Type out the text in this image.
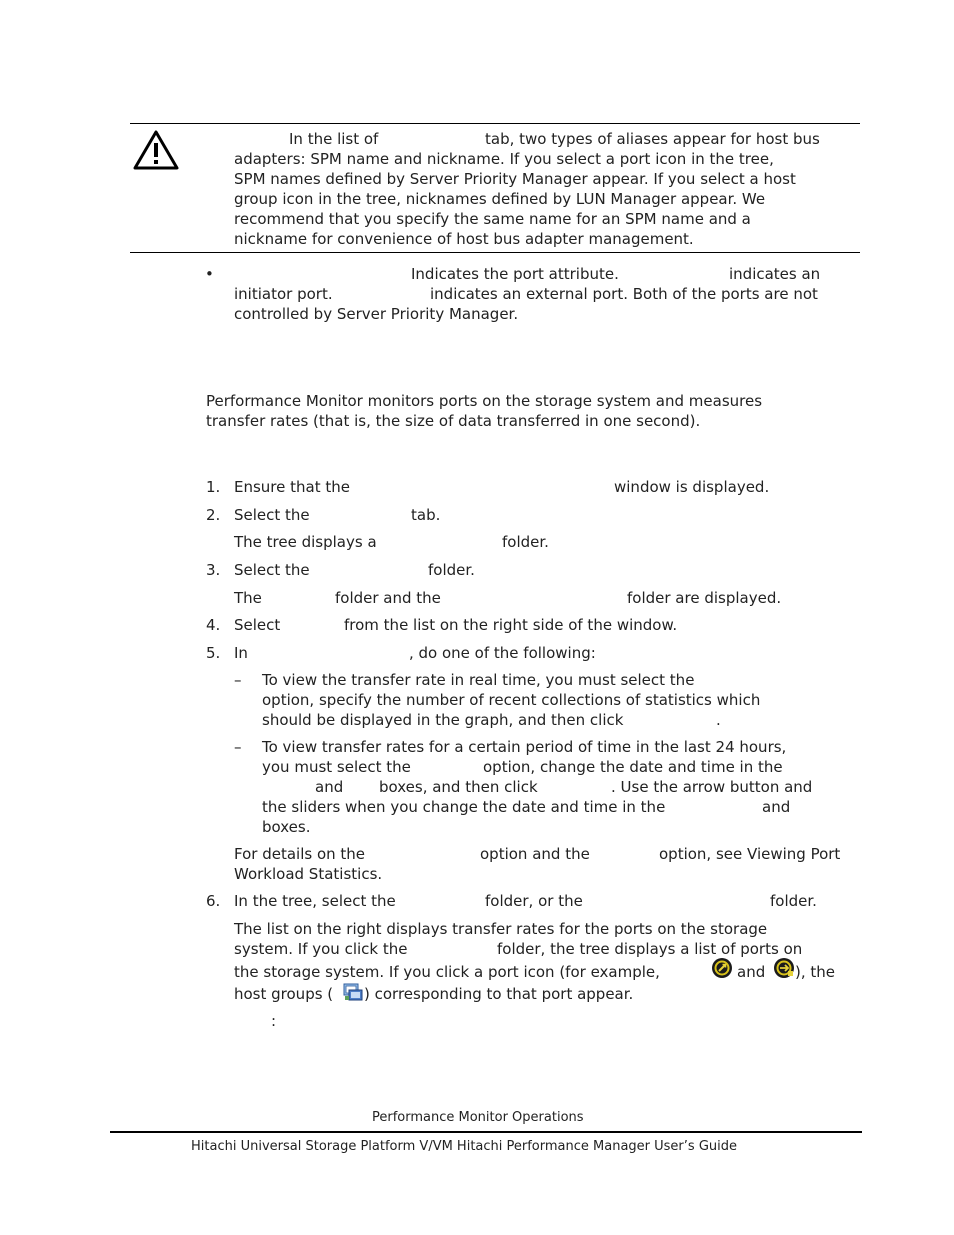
In the list of	tab, two types of aliases appear for host bus
adapters: SPM name and nickname. If you select a port icon in the tree,
SPM names defined by Server Priority Manager appear. If you select a host
group icon in the tree, nicknames defined by LUN Manager appear. We
recommend that you specify the same name for an SPM name and a
nickname for convenience of host bus adapter management.
•	Indicates the port attribute.	indicates an
initiator port.	indicates an external port. Both of the ports are not
controlled by Server Priority Manager.
Performance Monitor monitors ports on the storage system and measures
transfer rates (that is, the size of data transferred in one second).
1. Ensure that the	window is displayed.
2. Select the	tab.
The tree displays a	folder.
3. Select the	folder.
The	folder and the	folder are displayed.
4. Select	from the list on the right side of the window.
5. In	, do one of the following:
– To view the transfer rate in real time, you must select the
option, specify the number of recent collections of statistics which
should be displayed in the graph, and then click	.
– To view transfer rates for a certain period of time in the last 24 hours,
you must select the	option, change the date and time in the
and boxes, and then click	. Use the arrow button and
the sliders when you change the date and time in the	and
boxes.
For details on the	option and the	option, see Viewing Port
Workload Statistics.
6. In the tree, select the	folder, or the	folder.
The list on the right displays transfer rates for the ports on the storage
system. If you click the	folder, the tree displays a list of ports on
the storage system. If you click a port icon (for example,	and ), the
host groups ( ) corresponding to that port appear.
:
Performance Monitor Operations
Hitachi Universal Storage Platform V/VM Hitachi Performance Manager User’s Guide
